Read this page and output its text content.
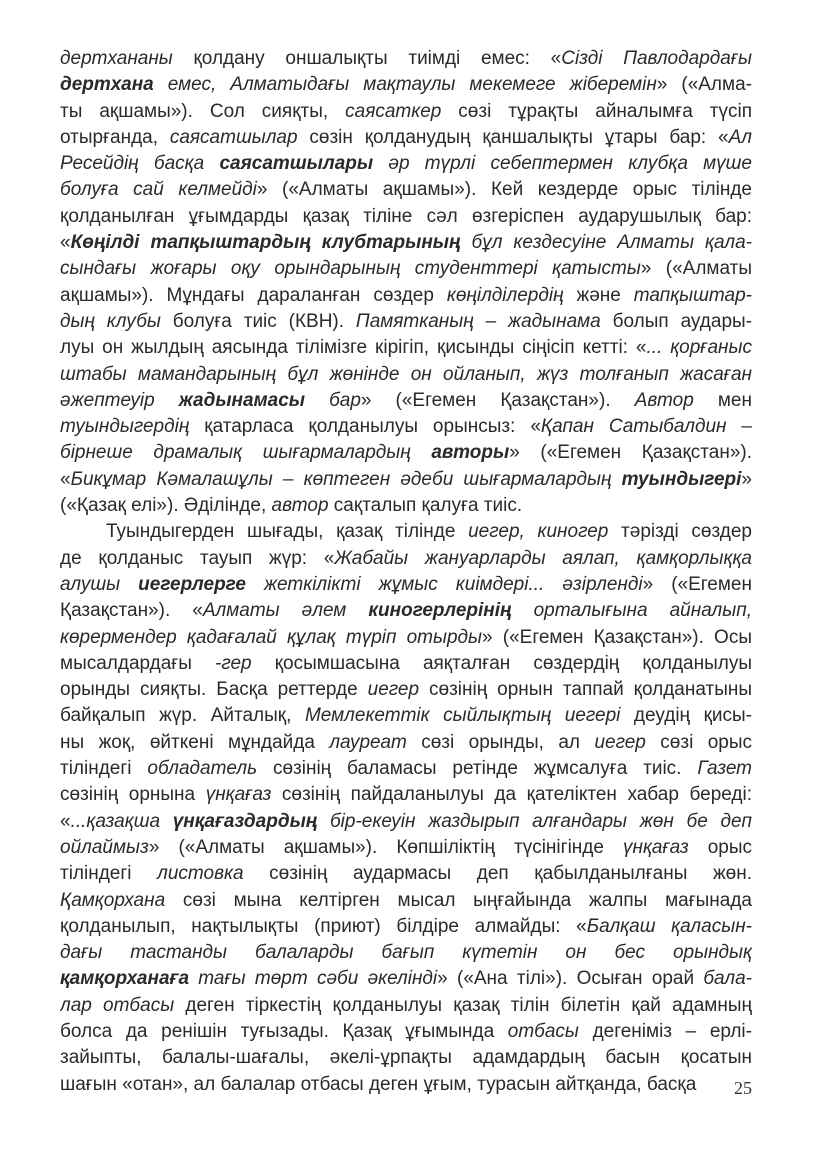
дертхананы қолдану оншалықты тиімді емес: «Сізді Павлодардағы
дертхана емес, Алматыдағы мақтаулы мекемеге жіберемін» («Алма-
ты ақшамы»). Сол сияқты, саясаткер сөзі тұрақты айналымға түсіп
отырғанда, саясатшылар сөзін қолданудың қаншалықты ұтары бар: «Ал
Ресейдің басқа саясатшылары әр түрлі себептермен клубқа мүше
болуға сай келмейді» («Алматы ақшамы»). Кей кездерде орыс тілінде
қолданылған ұғымдарды қазақ тіліне сәл өзгеріспен аударушылық бар:
«Көңілді тапқыштардың клубтарының бұл кездесуіне Алматы қала-
сындағы жоғары оқу орындарының студенттері қатысты» («Алматы
ақшамы»). Мұндағы дараланған сөздер көңілділердің және тапқыштар-
дың клубы болуға тиіс (КВН). Памятканың – жадынама болып аудары-
луы он жылдың аясында тілімізге кірігіп, қисынды сіңісіп кетті: «... қорғаныс
штабы мамандарының бұл жөнінде он ойланып, жүз толғанып жасаған
әжептеуір жадынамасы бар» («Егемен Қазақстан»). Автор мен
туындыгердің қатарласа қолданылуы орынсыз: «Қапан Сатыбалдин –
бірнеше драмалық шығармалардың авторы» («Егемен Қазақстан»).
«Бикұмар Кәмалашұлы – көптеген әдеби шығармалардың туындыгері»
(«Қазақ елі»). Әділінде, автор сақталып қалуға тиіс.
Туындыгерден шығады, қазақ тілінде иегер, киногер тәрізді сөздер
де қолданыс тауып жүр: «Жабайы жануарларды аялап, қамқорлыққа
алушы иегерлерге жеткілікті жұмыс киімдері... әзірленді» («Егемен
Қазақстан»). «Алматы әлем киногерлерінің орталығына айналып,
көрермендер қадағалай құлақ түріп отырды» («Егемен Қазақстан»). Осы
мысалдардағы -гер қосымшасына аяқталған сөздердің қолданылуы
орынды сияқты. Басқа реттерде иегер сөзінің орнын таппай қолданатыны
байқалып жүр. Айталық, Мемлекеттік сыйлықтың иегері деудің қисы-
ны жоқ, өйткені мұндайда лауреат сөзі орынды, ал иегер сөзі орыс
тіліндегі обладатель сөзінің баламасы ретінде жұмсалуға тиіс. Газет
сөзінің орнына үнқағаз сөзінің пайдаланылуы да қателіктен хабар береді:
«...қазақша үнқағаздардың бір-екеуін жаздырып алғандары жөн бе деп
ойлаймыз» («Алматы ақшамы»). Көпшіліктің түсінігінде үнқағаз орыс
тіліндегі листовка сөзінің аудармасы деп қабылданылғаны жөн.
Қамқорхана сөзі мына келтірген мысал ыңғайында жалпы мағынада
қолданылып, нақтылықты (приют) білдіре алмайды: «Балқаш қаласын-
дағы тастанды балаларды бағып күтетін он бес орындық
қамқорханаға тағы төрт сәби әкелінді» («Ана тілі»). Осыған орай бала-
лар отбасы деген тіркестің қолданылуы қазақ тілін білетін қай адамның
болса да ренішін туғызады. Қазақ ұғымында отбасы дегеніміз – ерлі-
зайыпты, балалы-шағалы, әкелі-ұрпақты адамдардың басын қосатын
шағын «отан», ал балалар отбасы деген ұғым, турасын айтқанда, басқа	25
